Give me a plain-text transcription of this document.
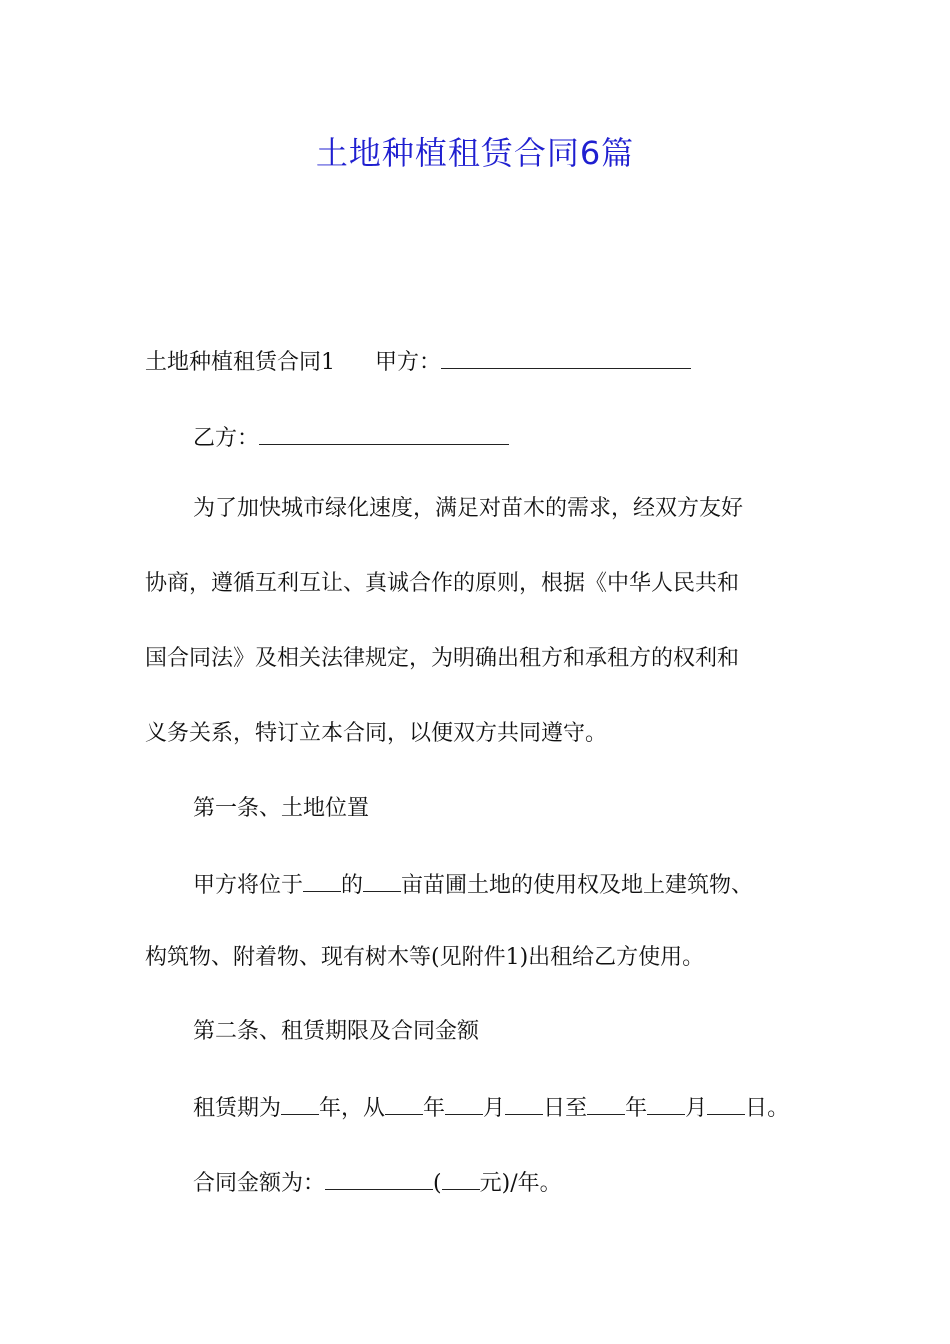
土地种植租赁合同6篇
土地种植租赁合同1 甲方：
乙方：
为了加快城市绿化速度，满足对苗木的需求，经双方友好
协商，遵循互利互让、真诚合作的原则，根据《中华人民共和
国合同法》及相关法律规定，为明确出租方和承租方的权利和
义务关系，特订立本合同，以便双方共同遵守。
第一条、土地位置
甲方将位于 的 亩苗圃土地的使用权及地上建筑物、
构筑物、附着物、现有树木等(见附件1)出租给乙方使用。
第二条、租赁期限及合同金额
租赁期为 年，从 年 月 日至 年 月 日。
合同金额为：	( 元)/年。
